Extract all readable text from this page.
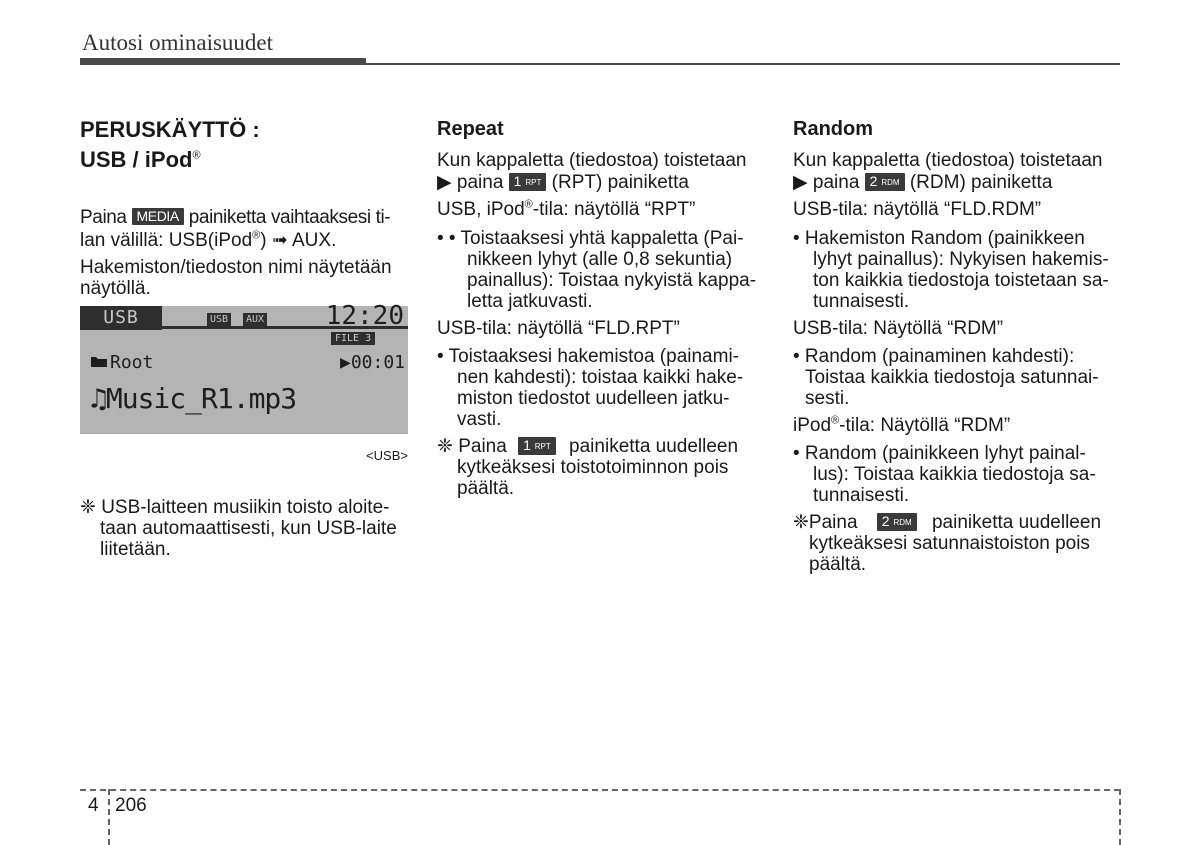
Autosi ominaisuudet
PERUSKÄYTTÖ :
USB / iPod®
Paina MEDIA painiketta vaihtaaksesi ti-
lan välillä: USB(iPod®) ➟ AUX.
Hakemiston/tiedoston nimi näytetään
näytöllä.
USB	USB	AUX 12:20
FILE 3
Root	▶00:01
♫Music_R1.mp3
<USB>
❈ USB-laitteen musiikin toisto aloite-
taan automaattisesti, kun USB-laite
liitetään.
Repeat
Kun kappaletta (tiedostoa) toistetaan
▶ paina 1 RPT (RPT) painiketta
USB, iPod®-tila: näytöllä “RPT”
• • Toistaaksesi yhtä kappaletta (Pai-
nikkeen lyhyt (alle 0,8 sekuntia)
painallus): Toistaa nykyistä kappa-
letta jatkuvasti.
USB-tila: näytöllä “FLD.RPT”
• Toistaaksesi hakemistoa (painami-
nen kahdesti): toistaa kaikki hake-
miston tiedostot uudelleen jatku-
vasti.
❈ Paina 1 RPT painiketta uudelleen
kytkeäksesi toistotoiminnon pois
päältä.
Random
Kun kappaletta (tiedostoa) toistetaan
▶ paina 2 RDM (RDM) painiketta
USB-tila: näytöllä “FLD.RDM”
• Hakemiston Random (painikkeen
lyhyt painallus): Nykyisen hakemis-
ton kaikkia tiedostoja toistetaan sa-
tunnaisesti.
USB-tila: Näytöllä “RDM”
• Random (painaminen kahdesti):
Toistaa kaikkia tiedostoja satunnai-
sesti.
iPod®-tila: Näytöllä “RDM”
• Random (painikkeen lyhyt painal-
lus): Toistaa kaikkia tiedostoja sa-
tunnaisesti.
❈Paina 2 RDM painiketta uudelleen
kytkeäksesi satunnaistoiston pois
päältä.
4 206
